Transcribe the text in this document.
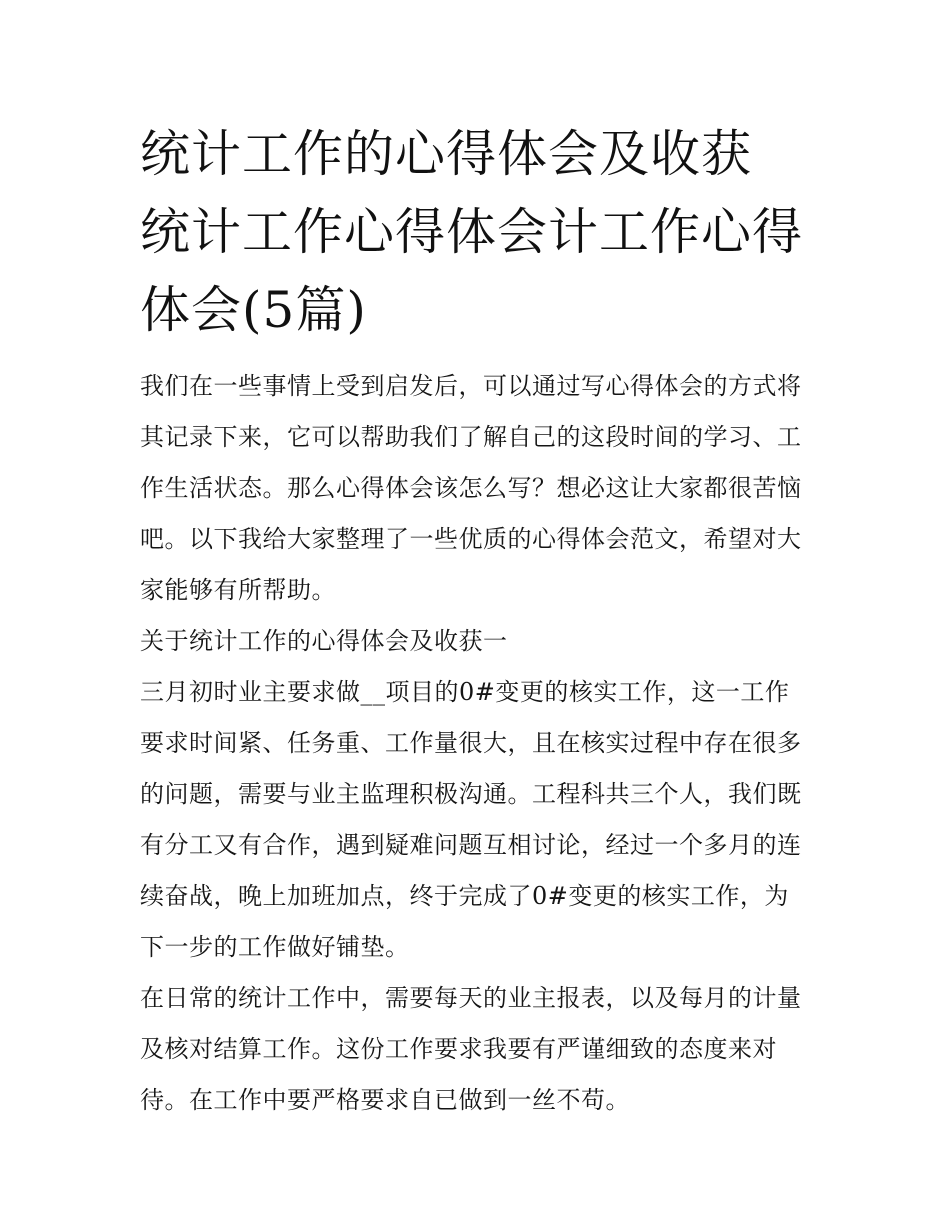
统计工作的心得体会及收获 统计工作心得体会计工作心得体会(5篇)

我们在一些事情上受到启发后，可以通过写心得体会的方式将其记录下来，它可以帮助我们了解自己的这段时间的学习、工作生活状态。那么心得体会该怎么写？想必这让大家都很苦恼吧。以下我给大家整理了一些优质的心得体会范文，希望对大家能够有所帮助。

关于统计工作的心得体会及收获一

三月初时业主要求做__项目的0#变更的核实工作，这一工作要求时间紧、任务重、工作量很大，且在核实过程中存在很多的问题，需要与业主监理积极沟通。工程科共三个人，我们既有分工又有合作，遇到疑难问题互相讨论，经过一个多月的连续奋战，晚上加班加点，终于完成了0#变更的核实工作，为下一步的工作做好铺垫。

在日常的统计工作中，需要每天的业主报表，以及每月的计量及核对结算工作。这份工作要求我要有严谨细致的态度来对待。在工作中要严格要求自已做到一丝不苟。
